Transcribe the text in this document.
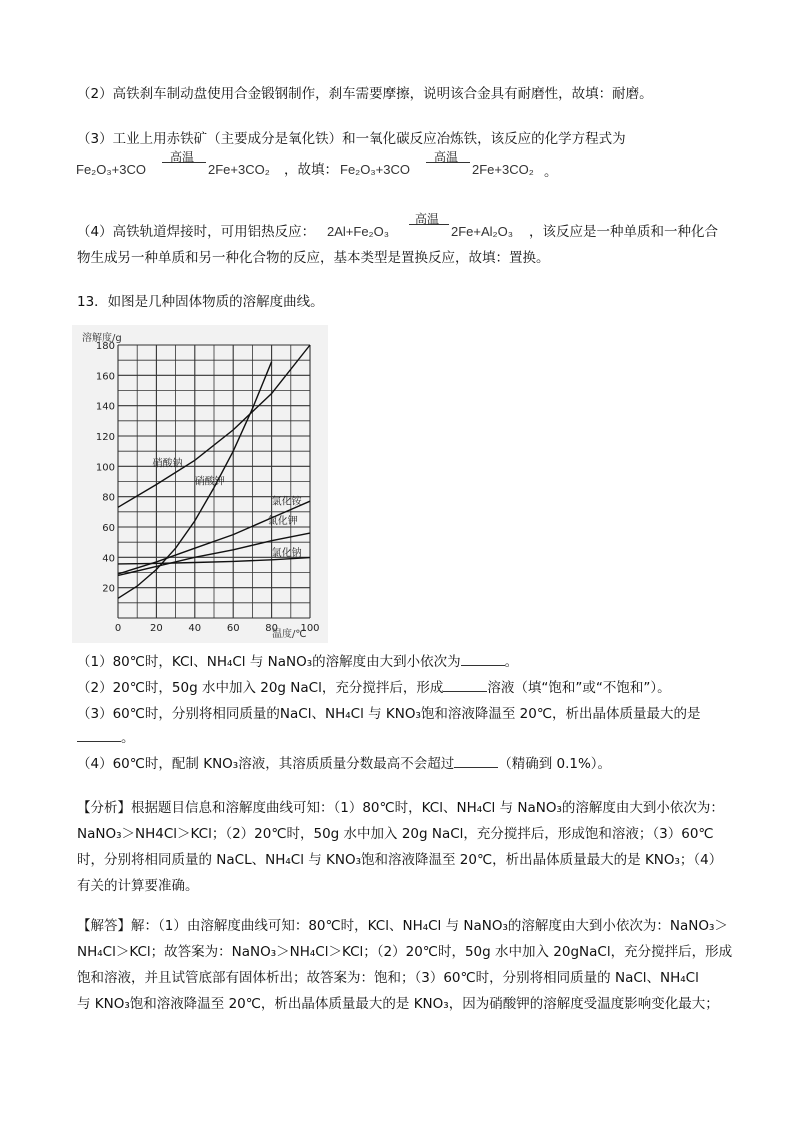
（2）高铁刹车制动盘使用合金锻钢制作，刹车需要摩擦，说明该合金具有耐磨性，故填：耐磨。
（3）工业上用赤铁矿（主要成分是氧化铁）和一氧化碳反应冶炼铁，该反应的化学方程式为
Fe₂O₃+3CO
高温
2Fe+3CO₂ ，故填： Fe₂O₃+3CO
高温
2Fe+3CO₂ 。
（4）高铁轨道焊接时，可用铝热反应： 2Al+Fe₂O₃
高温
2Fe+Al₂O₃ ，该反应是一种单质和一种化合
物生成另一种单质和另一种化合物的反应，基本类型是置换反应，故填：置换。
13．如图是几种固体物质的溶解度曲线。
0	20	40	60	80 100
20
40
60
80
100
120
140
160
180
硝酸钠
硝酸钾
氯化铵
氯化钾
氯化钠
溶解度/g
温度/℃
（1）80℃时，KCl、NH₄Cl 与 NaNO₃的溶解度由大到小依次为	。
（2）20℃时，50g 水中加入 20g NaCl，充分搅拌后，形成	溶液（填“饱和”或“不饱和”）。
（3）60℃时，分别将相同质量的NaCl、NH₄Cl 与 KNO₃饱和溶液降温至 20℃，析出晶体质量最大的是
。
（4）60℃时，配制 KNO₃溶液，其溶质质量分数最高不会超过	（精确到 0.1%）。
【分析】根据题目信息和溶解度曲线可知：（1）80℃时，KCl、NH₄Cl 与 NaNO₃的溶解度由大到小依次为：
NaNO₃＞NH4Cl＞KCl；（2）20℃时，50g 水中加入 20g NaCl，充分搅拌后，形成饱和溶液；（3）60℃
时，分别将相同质量的 NaCL、NH₄Cl 与 KNO₃饱和溶液降温至 20℃，析出晶体质量最大的是 KNO₃；（4）
有关的计算要准确。
【解答】解：（1）由溶解度曲线可知：80℃时，KCl、NH₄Cl 与 NaNO₃的溶解度由大到小依次为：NaNO₃＞
NH₄Cl＞KCl；故答案为：NaNO₃＞NH₄Cl＞KCl；（2）20℃时，50g 水中加入 20gNaCl，充分搅拌后，形成
饱和溶液，并且试管底部有固体析出；故答案为：饱和；（3）60℃时，分别将相同质量的 NaCl、NH₄Cl
与 KNO₃饱和溶液降温至 20℃，析出晶体质量最大的是 KNO₃，因为硝酸钾的溶解度受温度影响变化最大；
